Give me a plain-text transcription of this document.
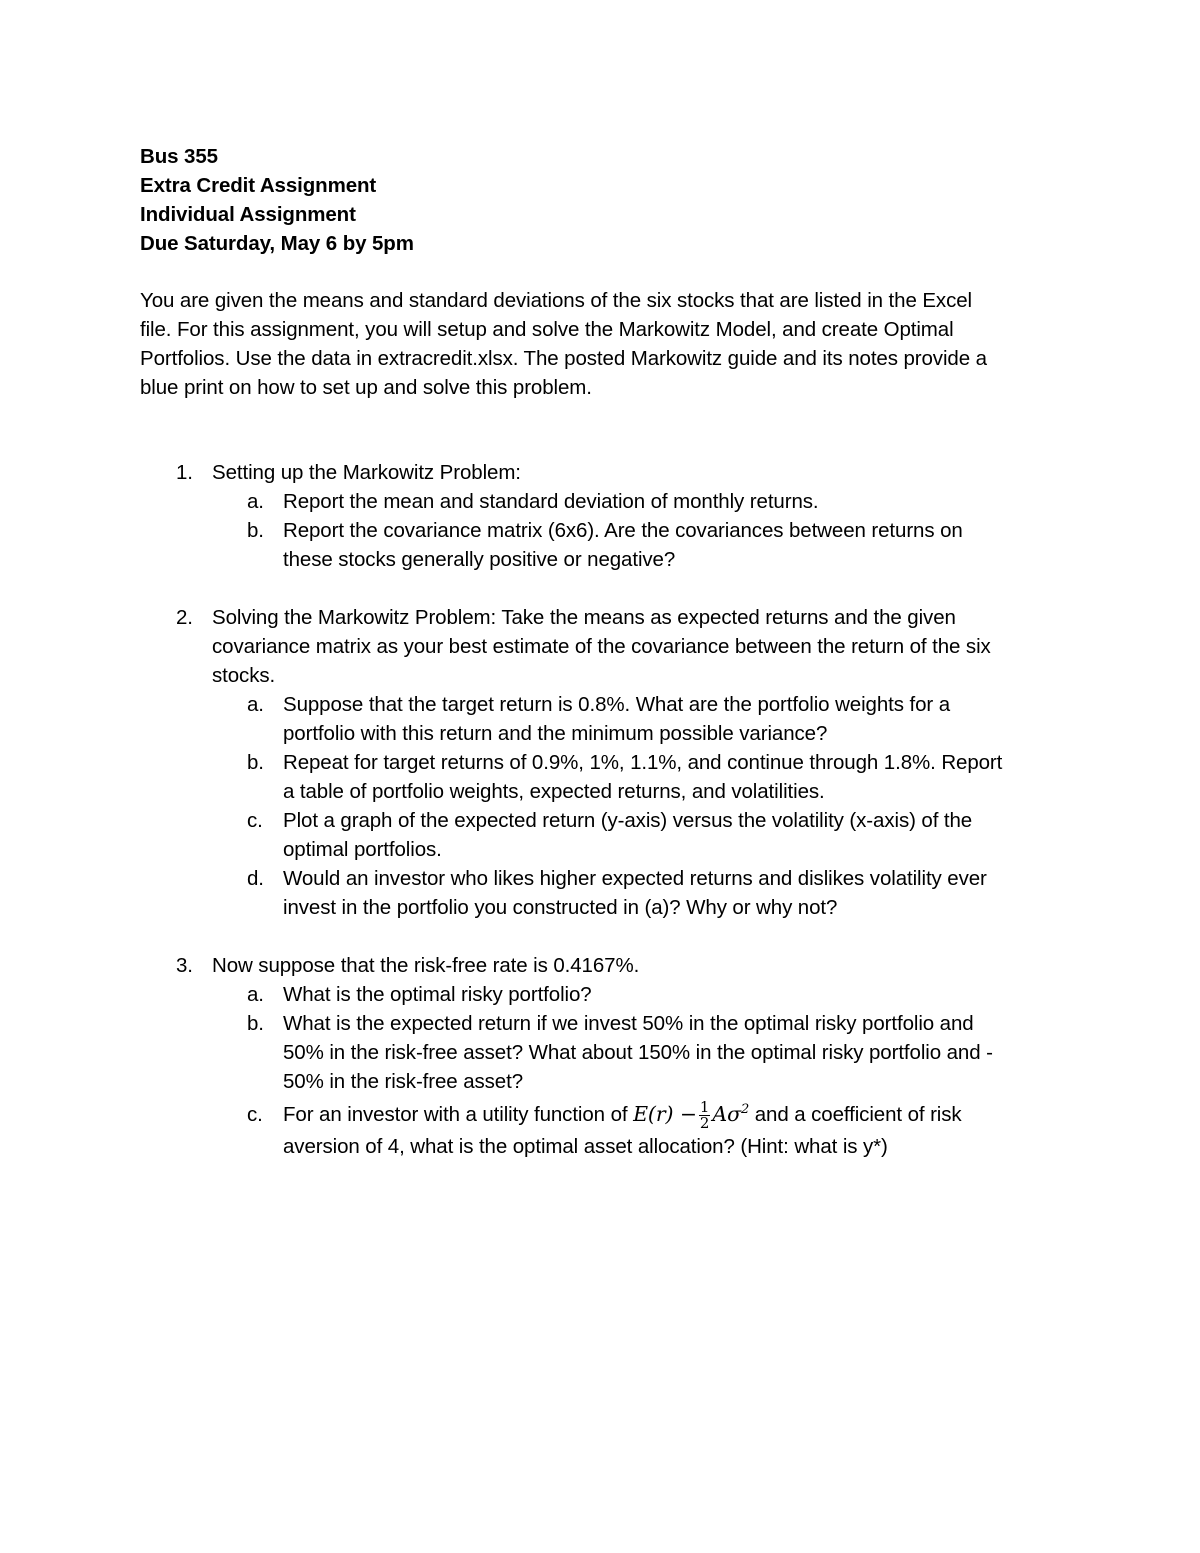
Bus 355
Extra Credit Assignment
Individual Assignment
Due Saturday, May 6 by 5pm
You are given the means and standard deviations of the six stocks that are listed in the Excel
file. For this assignment, you will setup and solve the Markowitz Model, and create Optimal
Portfolios. Use the data in extracredit.xlsx. The posted Markowitz guide and its notes provide a
blue print on how to set up and solve this problem.
1. Setting up the Markowitz Problem:
a. Report the mean and standard deviation of monthly returns.
b. Report the covariance matrix (6x6). Are the covariances between returns on
these stocks generally positive or negative?
2. Solving the Markowitz Problem: Take the means as expected returns and the given
covariance matrix as your best estimate of the covariance between the return of the six
stocks.
a. Suppose that the target return is 0.8%. What are the portfolio weights for a
portfolio with this return and the minimum possible variance?
b. Repeat for target returns of 0.9%, 1%, 1.1%, and continue through 1.8%. Report
a table of portfolio weights, expected returns, and volatilities.
c. Plot a graph of the expected return (y-axis) versus the volatility (x-axis) of the
optimal portfolios.
d. Would an investor who likes higher expected returns and dislikes volatility ever
invest in the portfolio you constructed in (a)? Why or why not?
3. Now suppose that the risk-free rate is 0.4167%.
a. What is the optimal risky portfolio?
b. What is the expected return if we invest 50% in the optimal risky portfolio and
50% in the risk-free asset? What about 150% in the optimal risky portfolio and -
50% in the risk-free asset?
c. For an investor with a utility function of $E(r) - \frac{1}{2} A\sigma^2$ and a coefficient of risk
aversion of 4, what is the optimal asset allocation? (Hint: what is y*)
